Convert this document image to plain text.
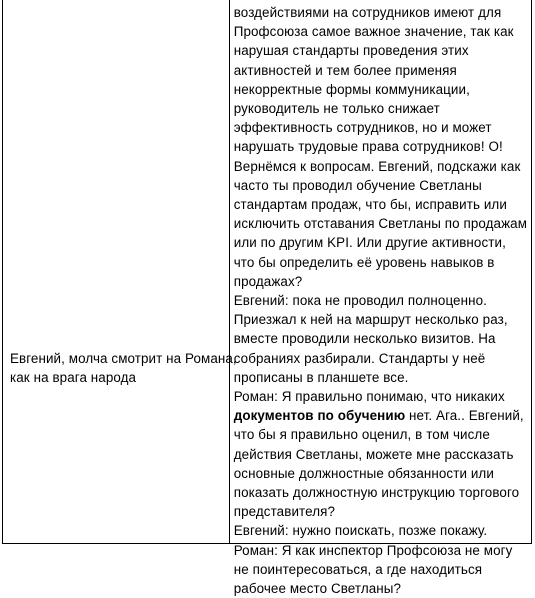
Евгений, молча смотрит на Романа,
как на врага народа
воздействиями на сотрудников имеют для
Профсоюза самое важное значение, так как
нарушая стандарты проведения этих
активностей и тем более применяя
некорректные формы коммуникации,
руководитель не только снижает
эффективность сотрудников, но и может
нарушать трудовые права сотрудников! О!
Вернёмся к вопросам. Евгений, подскажи как
часто ты проводил обучение Светланы
стандартам продаж, что бы, исправить или
исключить отставания Светланы по продажам
или по другим KPI. Или другие активности,
что бы определить её уровень навыков в
продажах?
Евгений: пока не проводил полноценно.
Приезжал к ней на маршрут несколько раз,
вместе проводили несколько визитов. На
собраниях разбирали. Стандарты у неё
прописаны в планшете все.
Роман: Я правильно понимаю, что никаких
документов по обучению нет. Ага.. Евгений,
что бы я правильно оценил, в том числе
действия Светланы, можете мне рассказать
основные должностные обязанности или
показать должностную инструкцию торгового
представителя?
Евгений: нужно поискать, позже покажу.
Роман: Я как инспектор Профсоюза не могу
не поинтересоваться, а где находиться
рабочее место Светланы?
